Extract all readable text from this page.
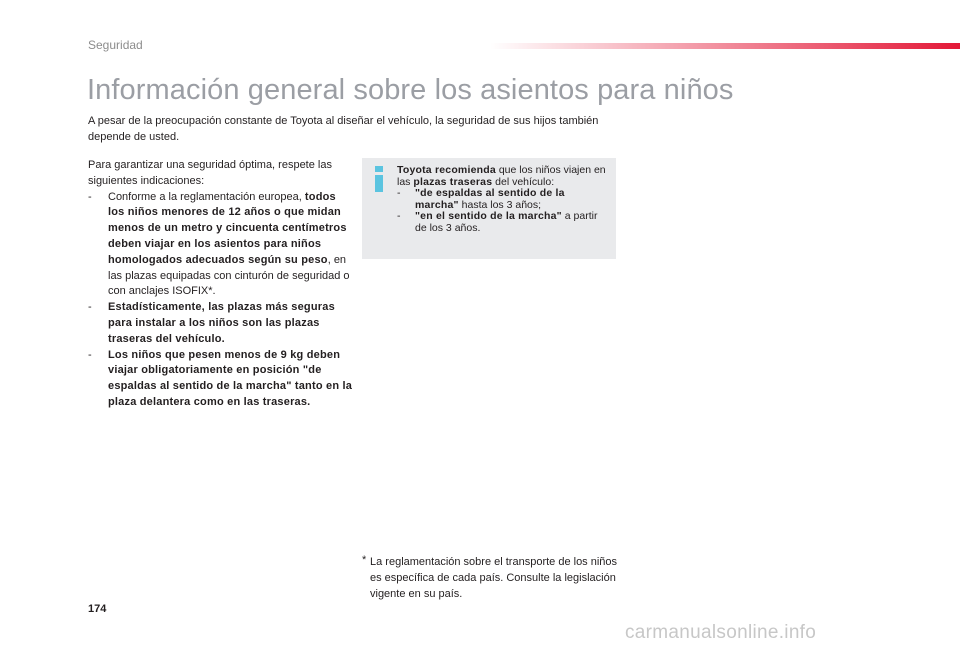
Seguridad
Información general sobre los asientos para niños

A pesar de la preocupación constante de Toyota al diseñar el vehículo, la seguridad de sus hijos también depende de usted.

Para garantizar una seguridad óptima, respete las siguientes indicaciones:

- Conforme a la reglamentación europea, todos los niños menores de 12 años o que midan menos de un metro y cincuenta centímetros deben viajar en los asientos para niños homologados adecuados según su peso, en las plazas equipadas con cinturón de seguridad o con anclajes ISOFIX*.
- Estadísticamente, las plazas más seguras para instalar a los niños son las plazas traseras del vehículo.
- Los niños que pesen menos de 9 kg deben viajar obligatoriamente en posición "de espaldas al sentido de la marcha" tanto en la plaza delantera como en las traseras.

Toyota recomienda que los niños viajen en las plazas traseras del vehículo:

- "de espaldas al sentido de la marcha" hasta los 3 años;
- "en el sentido de la marcha" a partir de los 3 años.
* La reglamentación sobre el transporte de los niños es específica de cada país. Consulte la legislación vigente en su país.
174
carmanualsonline.info
